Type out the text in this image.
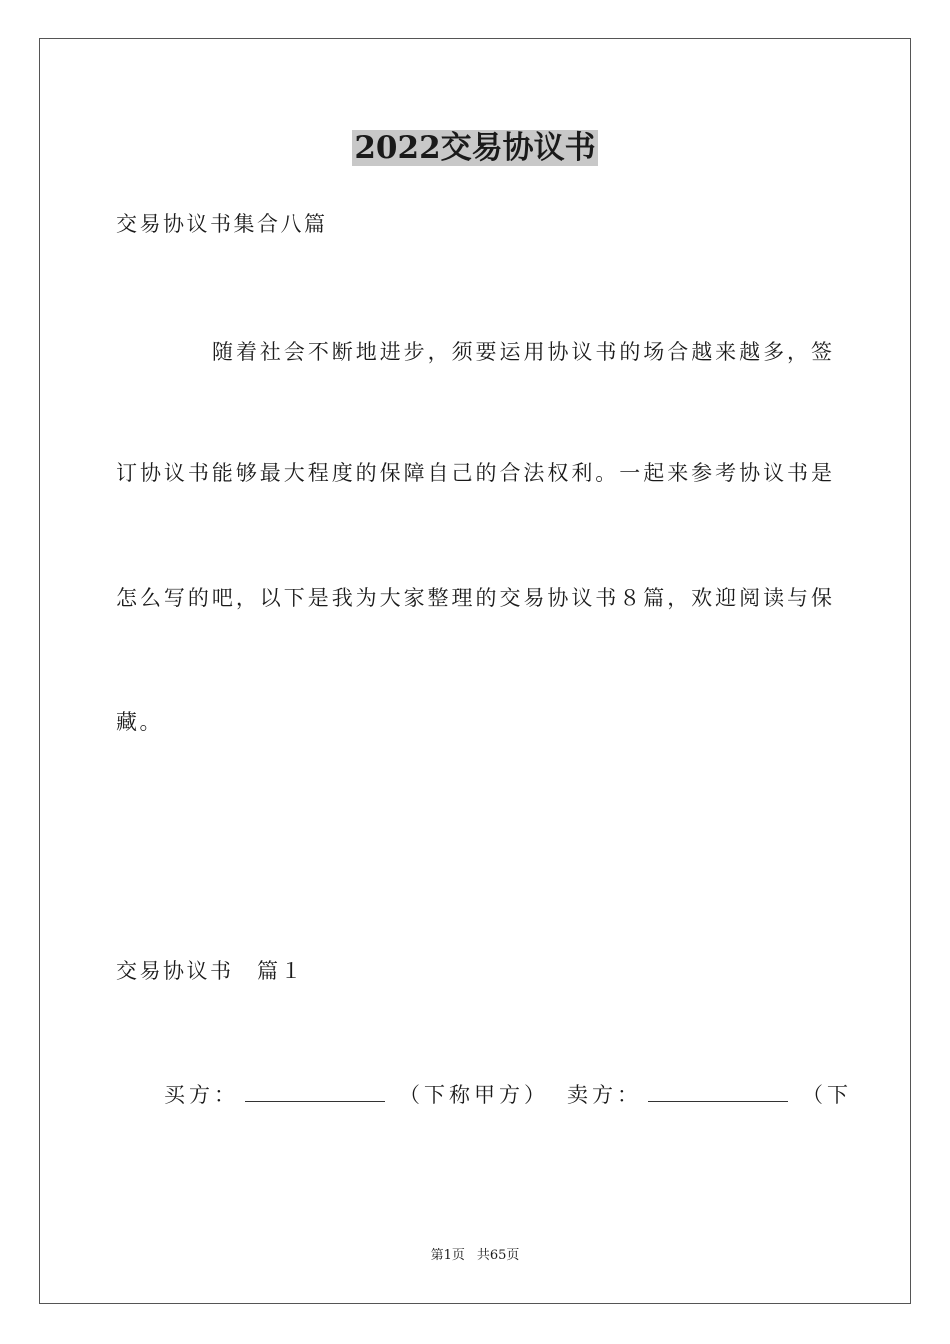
2022交易协议书
交易协议书集合八篇
随着社会不断地进步，须要运用协议书的场合越来越多，签
订协议书能够最大程度的保障自己的合法权利。一起来参考协议书是
怎么写的吧，以下是我为大家整理的交易协议书８篇，欢迎阅读与保
藏。
交易协议书　篇１
买方：	（下称甲方） 卖方：	（下
第1页 共65页
